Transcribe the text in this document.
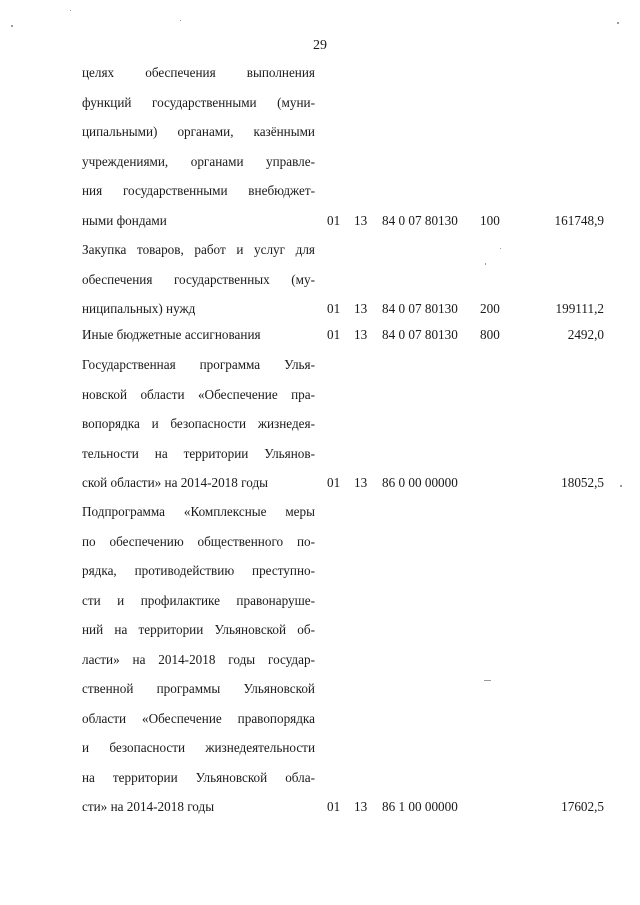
29
целях обеспечения выполнения
функций государственными (муни-
ципальными) органами, казёнными
учреждениями, органами управле-
ния государственными внебюджет-
ными фондами	01 13 84 0 07 80130 100	161748,9
Закупка товаров, работ и услуг для
обеспечения государственных (му-
ниципальных) нужд	01 13 84 0 07 80130 200	199111,2
Иные бюджетные ассигнования	01 13 84 0 07 80130 800	2492,0
Государственная программа Улья-
новской области «Обеспечение пра-
вопорядка и безопасности жизнедея-
тельности на территории Ульянов-
ской области» на 2014-2018 годы	01 13 86 0 00 00000	18052,5
Подпрограмма «Комплексные меры
по обеспечению общественного по-
рядка, противодействию преступно-
сти и профилактике правонаруше-
ний на территории Ульяновской об-
ласти» на 2014-2018 годы государ-
ственной программы Ульяновской
области «Обеспечение правопорядка
и безопасности жизнедеятельности
на территории Ульяновской обла-
сти» на 2014-2018 годы	01 13 86 1 00 00000	17602,5
